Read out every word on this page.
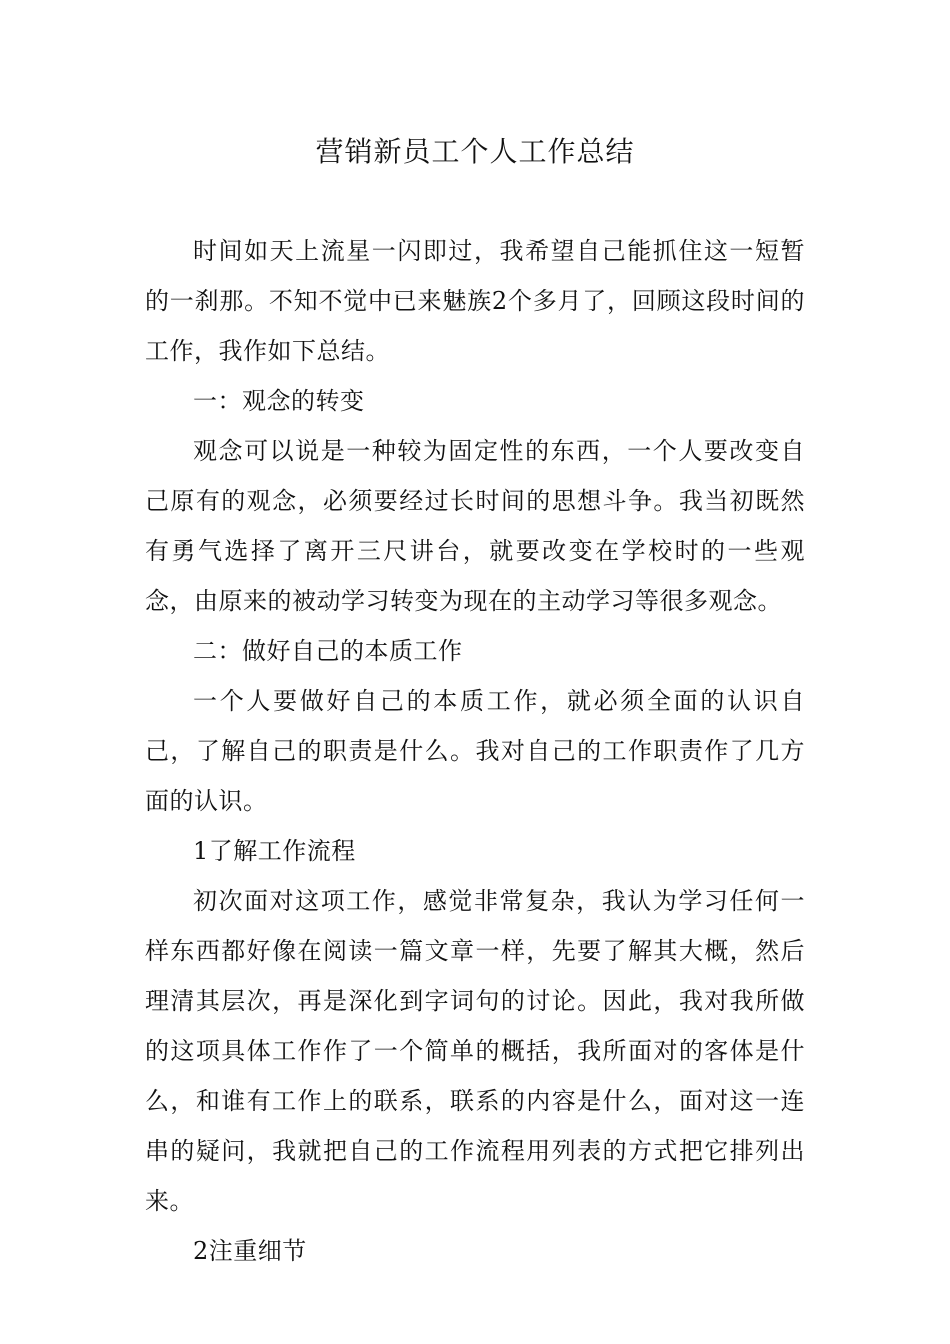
营销新员工个人工作总结

时间如天上流星一闪即过，我希望自己能抓住这一短暂的一刹那。不知不觉中已来魅族2个多月了，回顾这段时间的工作，我作如下总结。

一：观念的转变

观念可以说是一种较为固定性的东西，一个人要改变自己原有的观念，必须要经过长时间的思想斗争。我当初既然有勇气选择了离开三尺讲台，就要改变在学校时的一些观念，由原来的被动学习转变为现在的主动学习等很多观念。

二：做好自己的本质工作

一个人要做好自己的本质工作，就必须全面的认识自己，了解自己的职责是什么。我对自己的工作职责作了几方面的认识。

1了解工作流程

初次面对这项工作，感觉非常复杂，我认为学习任何一样东西都好像在阅读一篇文章一样，先要了解其大概，然后理清其层次，再是深化到字词句的讨论。因此，我对我所做的这项具体工作作了一个简单的概括，我所面对的客体是什么，和谁有工作上的联系，联系的内容是什么，面对这一连串的疑问，我就把自己的工作流程用列表的方式把它排列出来。

2注重细节
